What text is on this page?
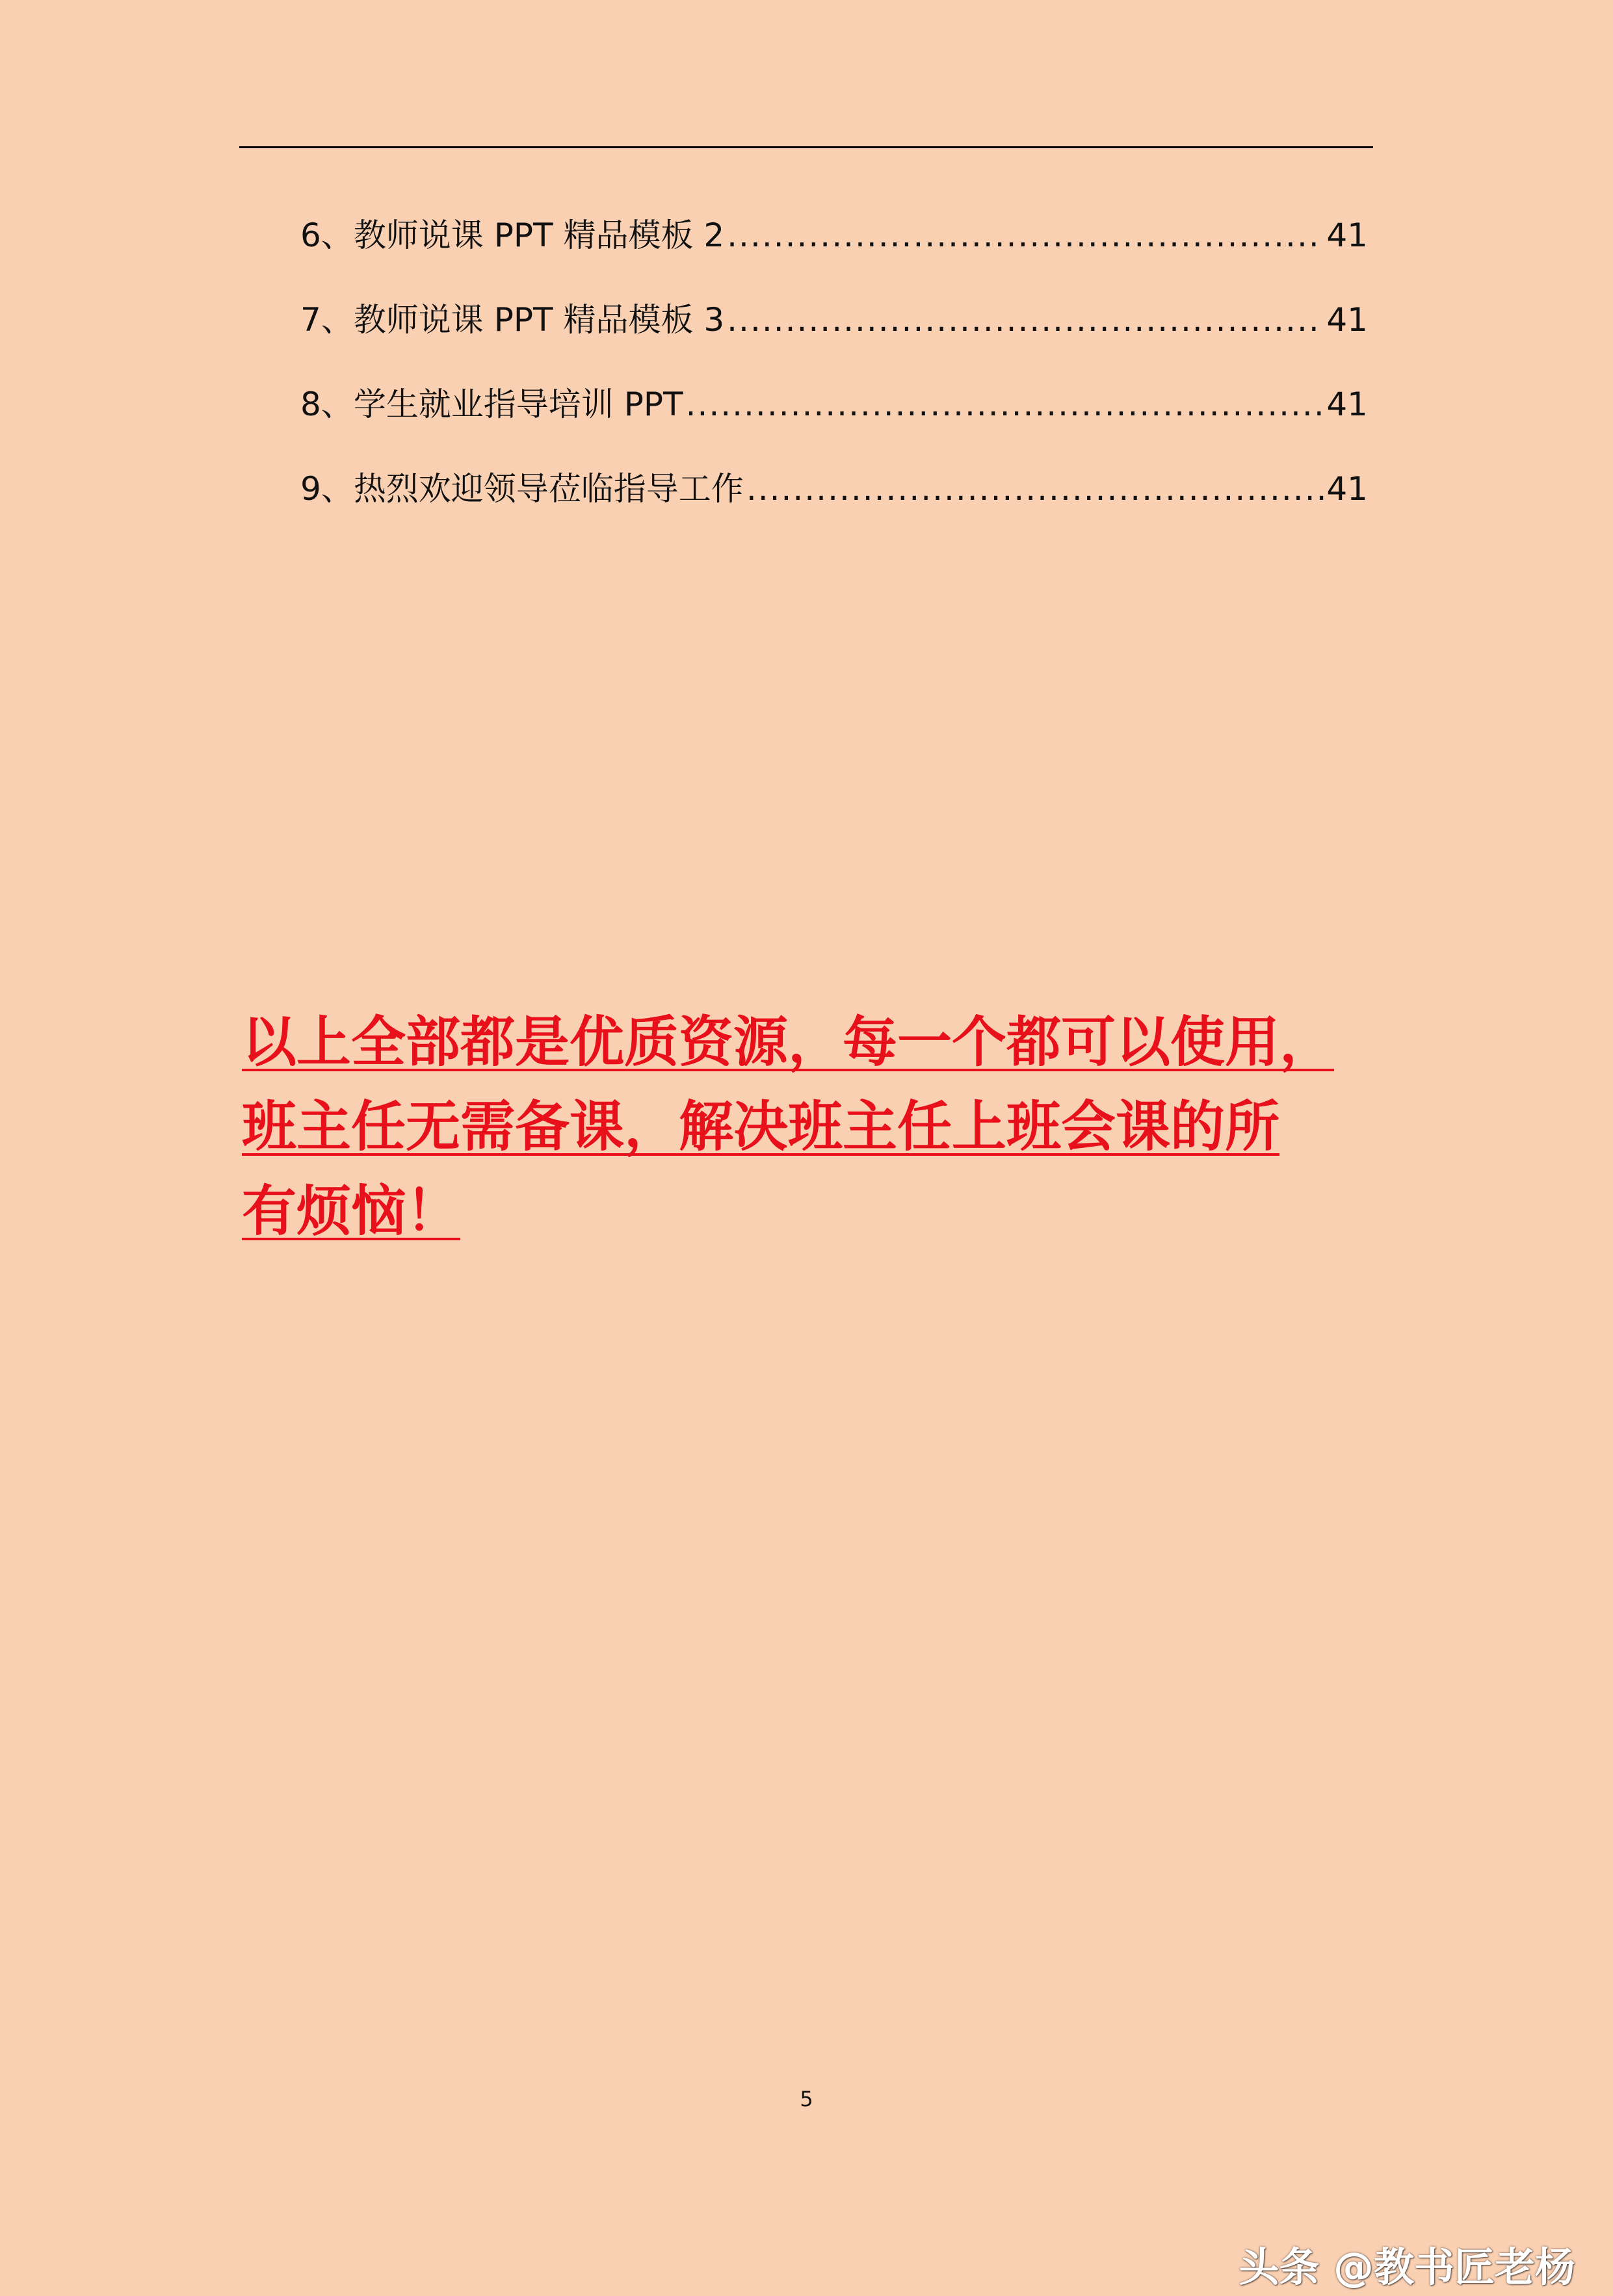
6、 教师说课 PPT 精品模板 2 .....	41
7、 教师说课 PPT 精品模板 3 .....	41
8、 学生就业指导培训 PPT .....	41
9、 热烈欢迎领导莅临指导工作 .....	41
以上全部都是优质资源，每一个都可以使用，
班主任无需备课，解决班主任上班会课的所
有烦恼！
5
头条 @教书匠老杨
